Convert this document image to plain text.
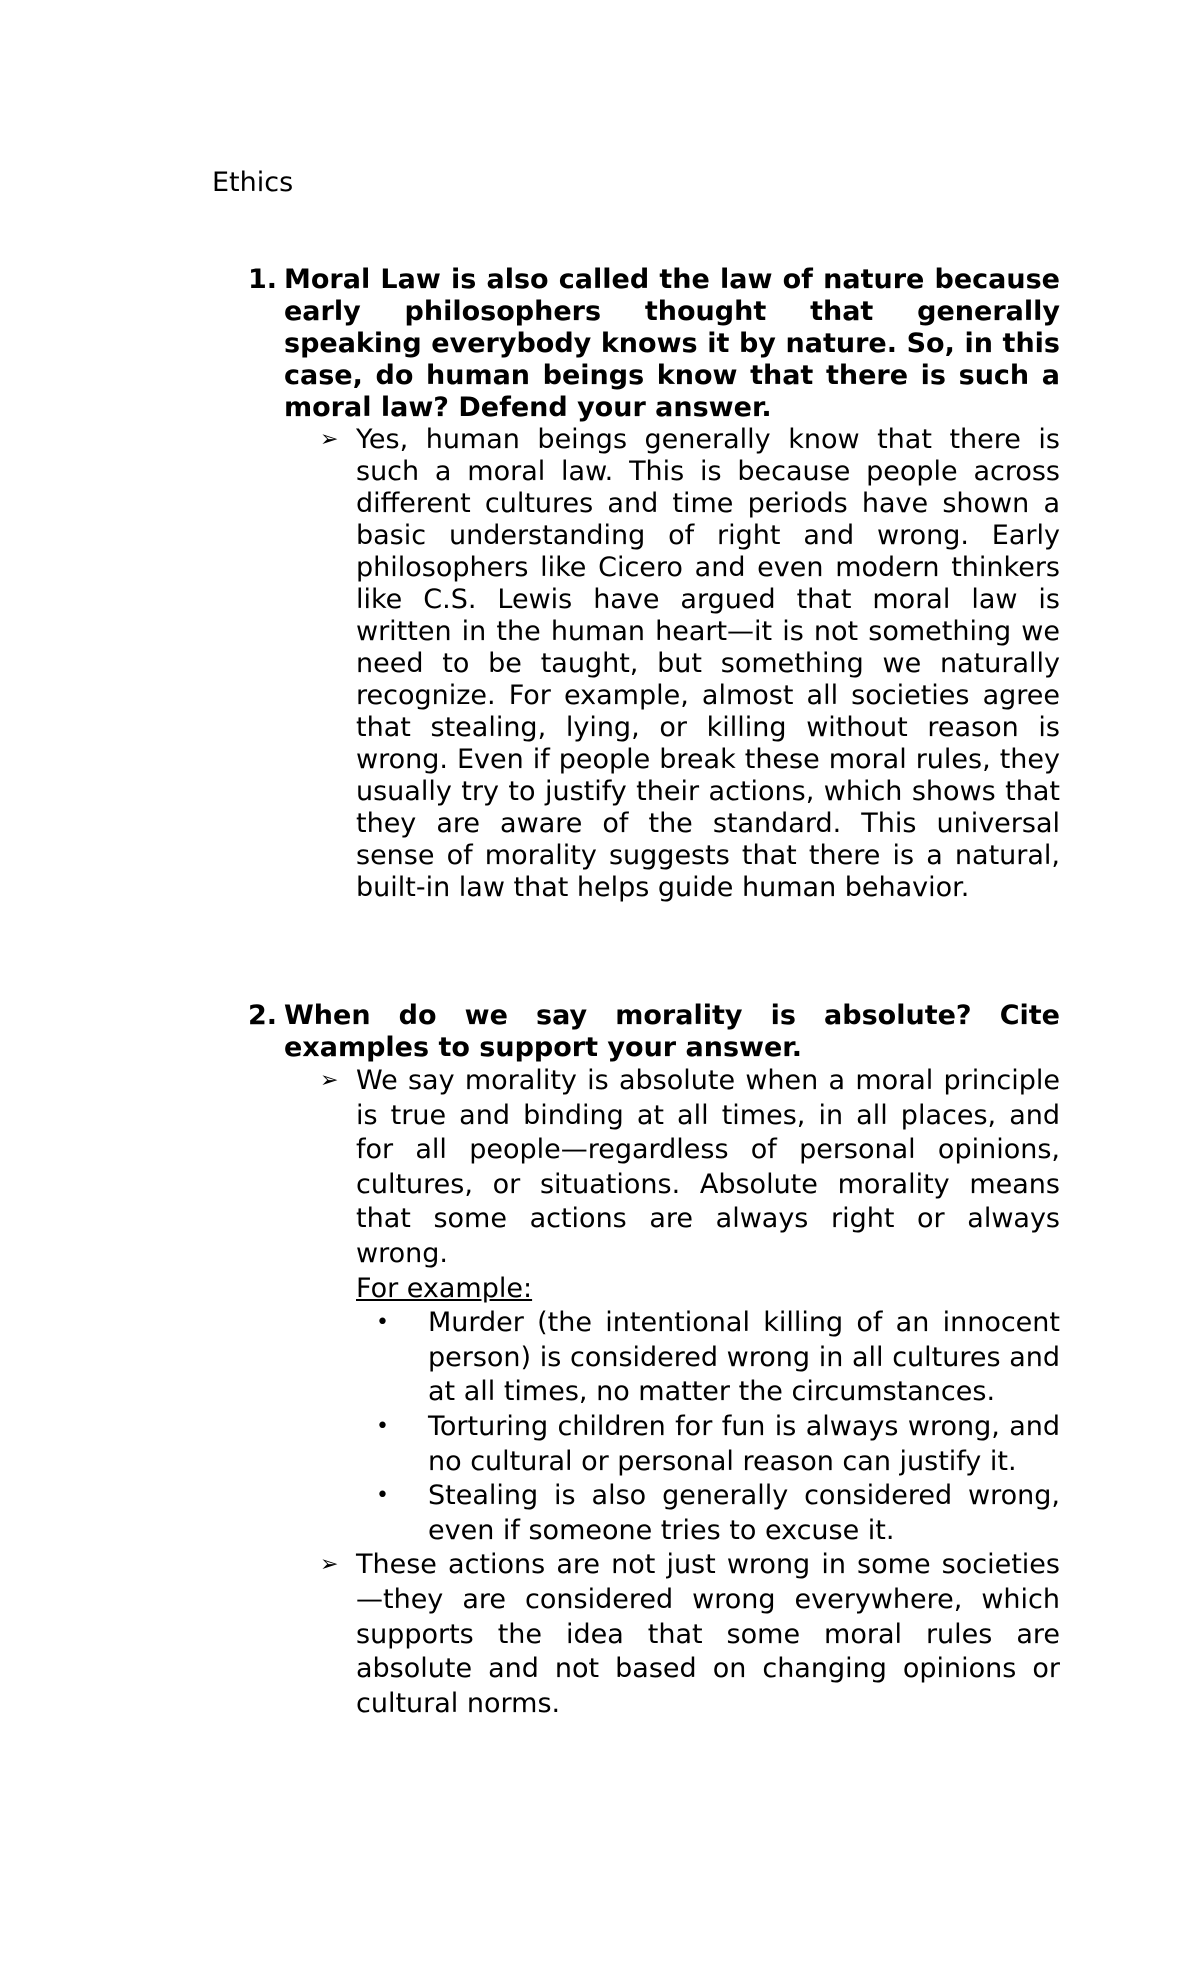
Ethics
1. Moral Law is also called the law of nature because early philosophers thought that generally speaking everybody knows it by nature. So, in this case, do human beings know that there is such a moral law? Defend your answer.
➢ Yes, human beings generally know that there is such a moral law. This is because people across different cultures and time periods have shown a basic understanding of right and wrong. Early philosophers like Cicero and even modern thinkers like C.S. Lewis have argued that moral law is written in the human heart—it is not something we need to be taught, but something we naturally recognize. For example, almost all societies agree that stealing, lying, or killing without reason is wrong. Even if people break these moral rules, they usually try to justify their actions, which shows that they are aware of the standard. This universal sense of morality suggests that there is a natural, built-in law that helps guide human behavior.
2. When do we say morality is absolute? Cite examples to support your answer.
➢ We say morality is absolute when a moral principle is true and binding at all times, in all places, and for all people—regardless of personal opinions, cultures, or situations. Absolute morality means that some actions are always right or always wrong.
For example:
•	Murder (the intentional killing of an innocent person) is considered wrong in all cultures and at all times, no matter the circumstances.
•	Torturing children for fun is always wrong, and no cultural or personal reason can justify it.
•	Stealing is also generally considered wrong, even if someone tries to excuse it.
➢ These actions are not just wrong in some societies—they are considered wrong everywhere, which supports the idea that some moral rules are absolute and not based on changing opinions or cultural norms.
